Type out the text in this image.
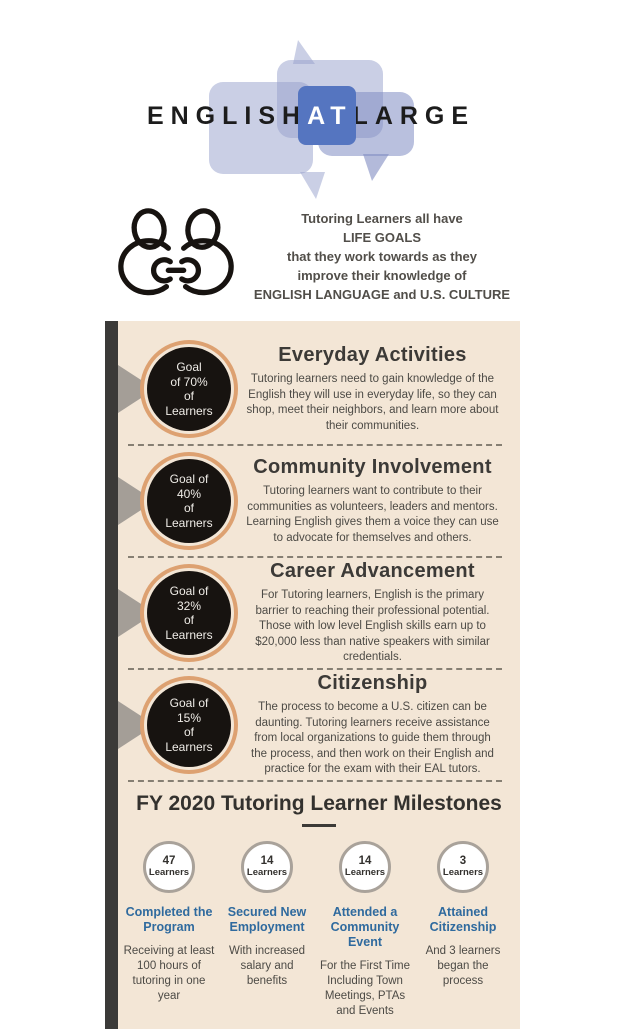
ENGLISHATLARGE
Tutoring Learners all have
LIFE GOALS
that they work towards as they
improve their knowledge of
ENGLISH LANGUAGE and U.S. CULTURE
Goal
of 70%
of
Learners
Everyday Activities
Tutoring learners need to gain knowledge of the English they will use in everyday life, so they can shop, meet their neighbors, and learn more about their communities.
Goal of
40%
of
Learners
Community Involvement
Tutoring learners want to contribute to their communities as volunteers, leaders and mentors. Learning English gives them a voice they can use to advocate for themselves and others.
Goal of
32%
of
Learners
Career Advancement
For Tutoring learners, English is the primary barrier to reaching their professional potential. Those with low level English skills earn up to $20,000 less than native speakers with similar credentials.
Goal of
15%
of
Learners
Citizenship
The process to become a U.S. citizen can be daunting. Tutoring learners receive assistance from local organizations to guide them through the process, and then work on their English and practice for the exam with their EAL tutors.
FY 2020 Tutoring Learner Milestones
47
Learners
Completed the Program
Receiving at least 100 hours of tutoring in one year
14
Learners
Secured New Employment
With increased salary and benefits
14
Learners
Attended a Community Event
For the First Time Including Town Meetings, PTAs and Events
3
Learners
Attained Citizenship
And 3 learners began the process
